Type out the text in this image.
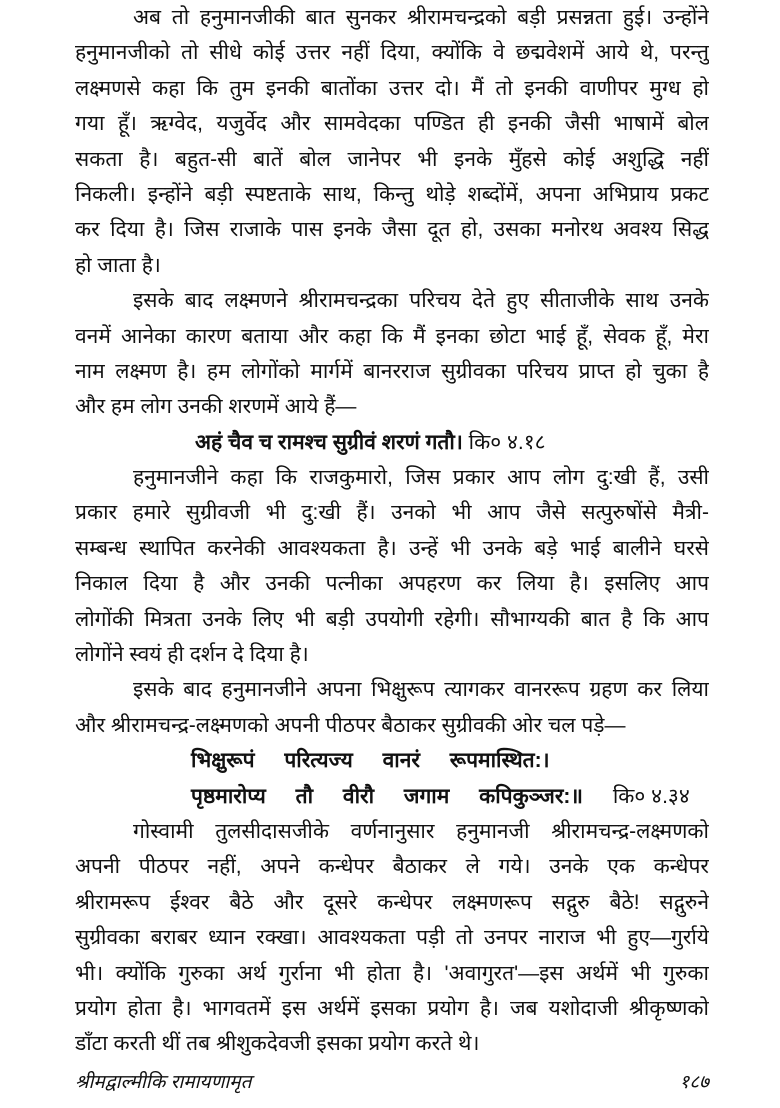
अब तो हनुमानजीकी बात सुनकर श्रीरामचन्द्रको बड़ी प्रसन्नता हुई। उन्होंने
हनुमानजीको तो सीधे कोई उत्तर नहीं दिया, क्योंकि वे छद्मवेशमें आये थे, परन्तु
लक्ष्मणसे कहा कि तुम इनकी बातोंका उत्तर दो। मैं तो इनकी वाणीपर मुग्ध हो
गया हूँ। ऋग्वेद, यजुर्वेद और सामवेदका पण्डित ही इनकी जैसी भाषामें बोल
सकता है। बहुत-सी बातें बोल जानेपर भी इनके मुँहसे कोई अशुद्धि नहीं
निकली। इन्होंने बड़ी स्पष्टताके साथ, किन्तु थोड़े शब्दोंमें, अपना अभिप्राय प्रकट
कर दिया है। जिस राजाके पास इनके जैसा दूत हो, उसका मनोरथ अवश्य सिद्ध
हो जाता है।
इसके बाद लक्ष्मणने श्रीरामचन्द्रका परिचय देते हुए सीताजीके साथ उनके
वनमें आनेका कारण बताया और कहा कि मैं इनका छोटा भाई हूँ, सेवक हूँ, मेरा
नाम लक्ष्मण है। हम लोगोंको मार्गमें बानरराज सुग्रीवका परिचय प्राप्त हो चुका है
और हम लोग उनकी शरणमें आये हैं—
अहं चैव च रामश्च सुग्रीवं शरणं गतौ। कि० ४.१८
हनुमानजीने कहा कि राजकुमारो, जिस प्रकार आप लोग दु:खी हैं, उसी
प्रकार हमारे सुग्रीवजी भी दु:खी हैं। उनको भी आप जैसे सत्पुरुषोंसे मैत्री-
सम्बन्ध स्थापित करनेकी आवश्यकता है। उन्हें भी उनके बड़े भाई बालीने घरसे
निकाल दिया है और उनकी पत्नीका अपहरण कर लिया है। इसलिए आप
लोगोंकी मित्रता उनके लिए भी बड़ी उपयोगी रहेगी। सौभाग्यकी बात है कि आप
लोगोंने स्वयं ही दर्शन दे दिया है।
इसके बाद हनुमानजीने अपना भिक्षुरूप त्यागकर वानररूप ग्रहण कर लिया
और श्रीरामचन्द्र-लक्ष्मणको अपनी पीठपर बैठाकर सुग्रीवकी ओर चल पड़े—
भिक्षुरूपं परित्यज्य वानरं रूपमास्थित:।
पृष्ठमारोप्य तौ वीरौ जगाम कपिकुञ्जर:॥ कि० ४.३४
गोस्वामी तुलसीदासजीके वर्णनानुसार हनुमानजी श्रीरामचन्द्र-लक्ष्मणको
अपनी पीठपर नहीं, अपने कन्धेपर बैठाकर ले गये। उनके एक कन्धेपर
श्रीरामरूप ईश्वर बैठे और दूसरे कन्धेपर लक्ष्मणरूप सद्गुरु बैठे! सद्गुरुने
सुग्रीवका बराबर ध्यान रक्खा। आवश्यकता पड़ी तो उनपर नाराज भी हुए—गुर्राये
भी। क्योंकि गुरुका अर्थ गुर्राना भी होता है। 'अवागुरत'—इस अर्थमें भी गुरुका
प्रयोग होता है। भागवतमें इस अर्थमें इसका प्रयोग है। जब यशोदाजी श्रीकृष्णको
डाँटा करती थीं तब श्रीशुकदेवजी इसका प्रयोग करते थे।
श्रीमद्वाल्मीकि रामायणामृत	१८७
